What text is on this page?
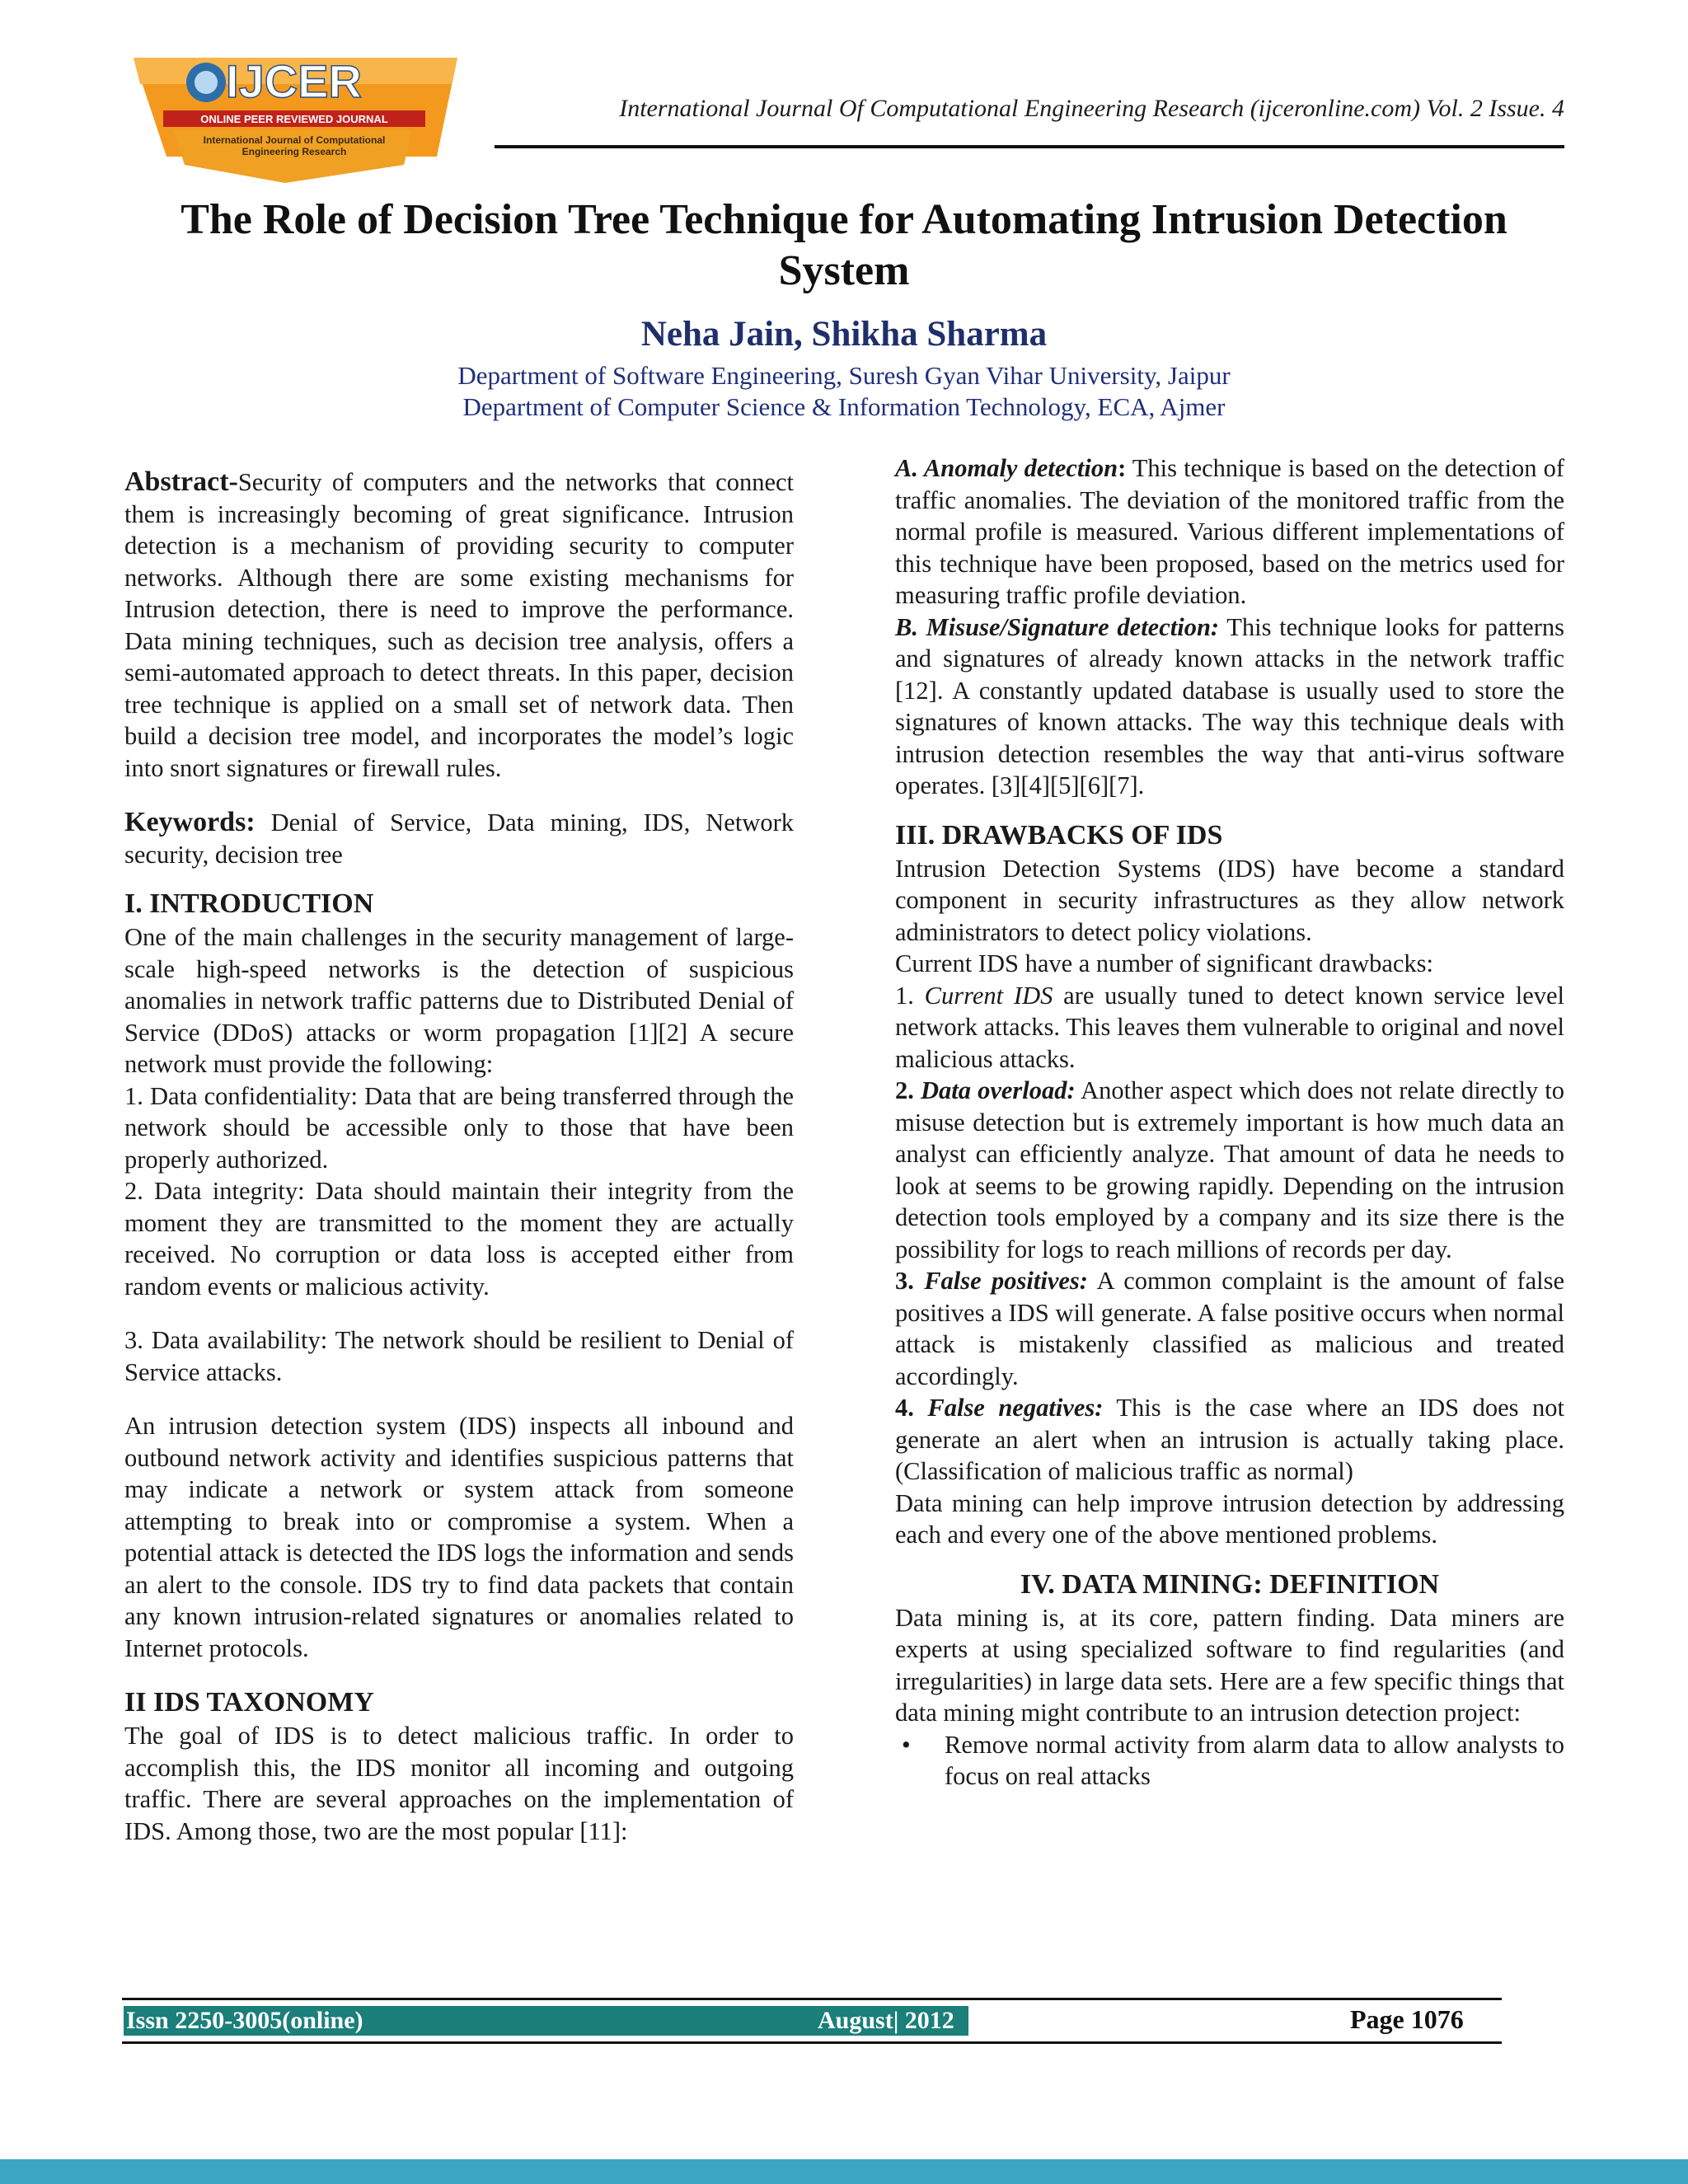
IJCER
ONLINE PEER REVIEWED JOURNAL
International Journal of Computational
Engineering Research
International Journal Of Computational Engineering Research (ijceronline.com) Vol. 2 Issue. 4
The Role of Decision Tree Technique for Automating Intrusion Detection System
Neha Jain, Shikha Sharma
Department of Software Engineering, Suresh Gyan Vihar University, Jaipur
Department of Computer Science & Information Technology, ECA, Ajmer

Abstract-Security of computers and the networks that connect them is increasingly becoming of great significance. Intrusion detection is a mechanism of providing security to computer networks. Although there are some existing mechanisms for Intrusion detection, there is need to improve the performance. Data mining techniques, such as decision tree analysis, offers a semi-automated approach to detect threats. In this paper, decision tree technique is applied on a small set of network data. Then build a decision tree model, and incorporates the model’s logic into snort signatures or firewall rules.

Keywords: Denial of Service, Data mining, IDS, Network security, decision tree

I. INTRODUCTION

One of the main challenges in the security management of large-scale high-speed networks is the detection of suspicious anomalies in network traffic patterns due to Distributed Denial of Service (DDoS) attacks or worm propagation [1][2] A secure network must provide the following:

1. Data confidentiality: Data that are being transferred through the network should be accessible only to those that have been properly authorized.

2. Data integrity: Data should maintain their integrity from the moment they are transmitted to the moment they are actually received. No corruption or data loss is accepted either from random events or malicious activity.

3. Data availability: The network should be resilient to Denial of Service attacks.

An intrusion detection system (IDS) inspects all inbound and outbound network activity and identifies suspicious patterns that may indicate a network or system attack from someone attempting to break into or compromise a system. When a potential attack is detected the IDS logs the information and sends an alert to the console. IDS try to find data packets that contain any known intrusion-related signatures or anomalies related to Internet protocols.

II IDS TAXONOMY

The goal of IDS is to detect malicious traffic. In order to accomplish this, the IDS monitor all incoming and outgoing traffic. There are several approaches on the implementation of IDS. Among those, two are the most popular [11]:

A. Anomaly detection: This technique is based on the detection of traffic anomalies. The deviation of the monitored traffic from the normal profile is measured. Various different implementations of this technique have been proposed, based on the metrics used for measuring traffic profile deviation.

B. Misuse/Signature detection: This technique looks for patterns and signatures of already known attacks in the network traffic [12]. A constantly updated database is usually used to store the signatures of known attacks. The way this technique deals with intrusion detection resembles the way that anti-virus software operates. [3][4][5][6][7].

III. DRAWBACKS OF IDS

Intrusion Detection Systems (IDS) have become a standard component in security infrastructures as they allow network administrators to detect policy violations.

Current IDS have a number of significant drawbacks:

1. Current IDS are usually tuned to detect known service level network attacks. This leaves them vulnerable to original and novel malicious attacks.

2. Data overload: Another aspect which does not relate directly to misuse detection but is extremely important is how much data an analyst can efficiently analyze. That amount of data he needs to look at seems to be growing rapidly. Depending on the intrusion detection tools employed by a company and its size there is the possibility for logs to reach millions of records per day.

3. False positives: A common complaint is the amount of false positives a IDS will generate. A false positive occurs when normal attack is mistakenly classified as malicious and treated accordingly.

4. False negatives: This is the case where an IDS does not generate an alert when an intrusion is actually taking place. (Classification of malicious traffic as normal)

Data mining can help improve intrusion detection by addressing each and every one of the above mentioned problems.

IV. DATA MINING: DEFINITION

Data mining is, at its core, pattern finding. Data miners are experts at using specialized software to find regularities (and irregularities) in large data sets. Here are a few specific things that data mining might contribute to an intrusion detection project:

• Remove normal activity from alarm data to allow analysts to focus on real attacks
Issn 2250-3005(online)	August| 2012	Page 1076
